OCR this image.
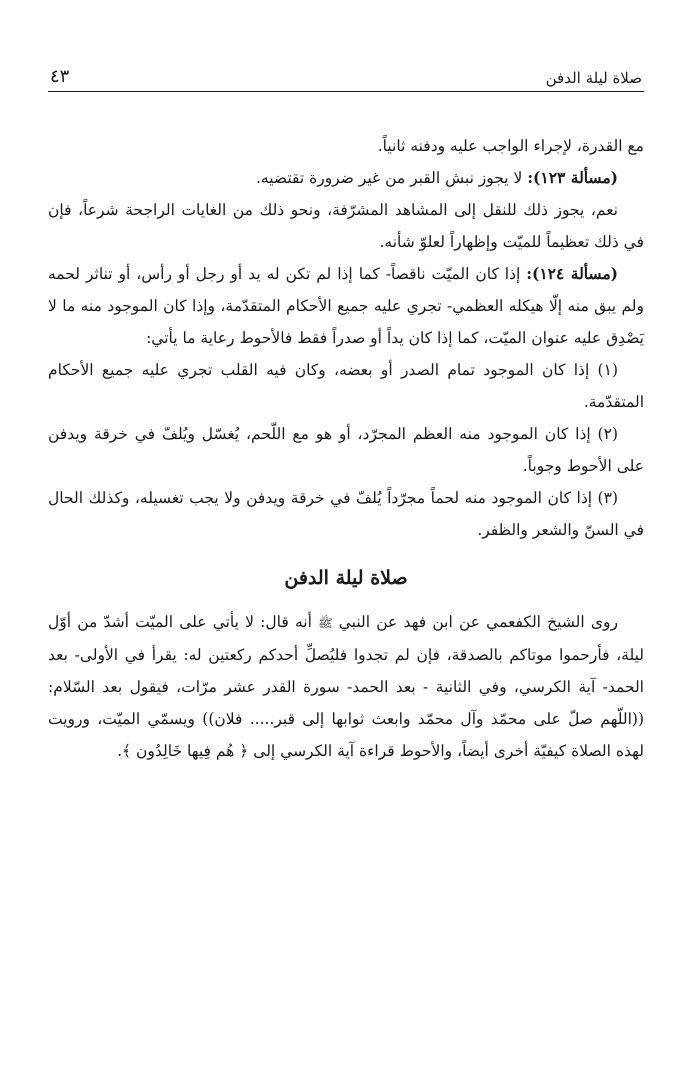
صلاة ليلة الدفن
٤٣

مع القدرة، لإجراء الواجب عليه ودفنه ثانياً.

(مسألة ١٢٣): لا يجوز نبش القبر من غير ضرورة تقتضيه.

نعم، يجوز ذلك للنقل إلى المشاهد المشرّفة، ونحو ذلك من الغايات الراجحة شرعاً، فإن في ذلك تعظيماً للميّت وإظهاراً لعلوّ شأنه.

(مسألة ١٢٤): إذا كان الميّت ناقصاً- كما إذا لم تكن له يد أو رجل أو رأس، أو تناثر لحمه ولم يبق منه إلّا هيكله العظمي- تجري عليه جميع الأحكام المتقدّمة، وإذا كان الموجود منه ما لا يَصْدِق عليه عنوان الميّت، كما إذا كان يداً أو صدراً فقط فالأحوط رعاية ما يأتي:

(١) إذا كان الموجود تمام الصدر أو بعضه، وكان فيه القلب تجري عليه جميع الأحكام المتقدّمة.

(٢) إذا كان الموجود منه العظم المجرّد، أو هو مع اللّحم، يُغسّل ويُلفّ في خرقة ويدفن على الأحوط وجوباً.

(٣) إذا كان الموجود منه لحماً مجرّداً يُلفّ في خرقة ويدفن ولا يجب تغسيله، وكذلك الحال في السنّ والشعر والظفر.

صلاة ليلة الدفن

روى الشيخ الكفعمي عن ابن فهد عن النبي ﷺ أنه قال: لا يأتي على الميّت أشدّ من أوّل ليلة، فأرحموا موتاكم بالصدقة، فإن لم تجدوا فليُصلِّ أحدكم ركعتين له: يقرأ في الأولى- بعد الحمد- آية الكرسي، وفي الثانية - بعد الحمد- سورة القدر عشر مرّات، فيقول بعد السّلام: ((اللّهم صلّ على محمّد وآل محمّد وابعث ثوابها إلى قبر..... فلان)) ويسمّي الميّت، ورويت لهذه الصلاة كيفيّة أخرى أيضاً، والأحوط قراءة آية الكرسي إلى ﴿ هُم فِيها خَالِدُون ﴾.
